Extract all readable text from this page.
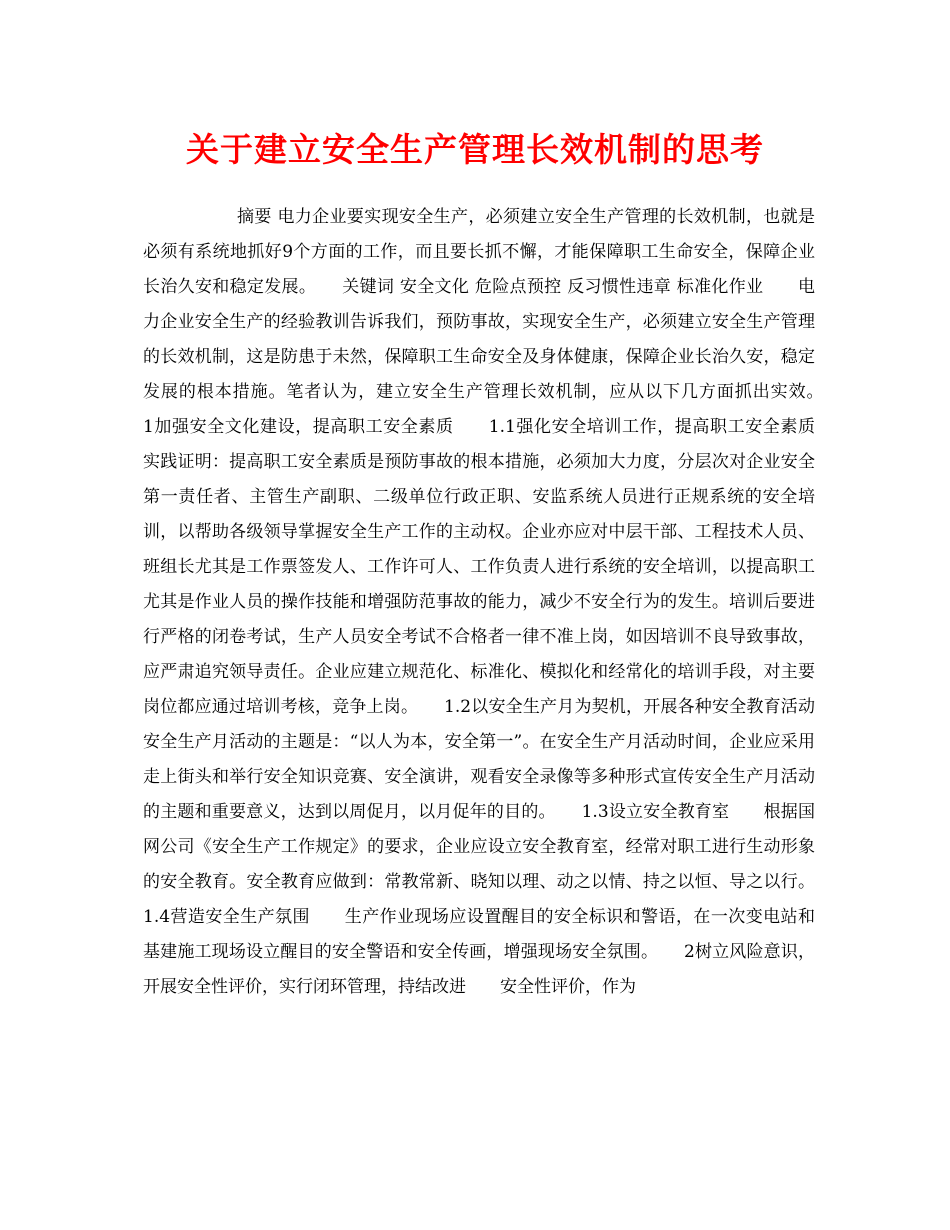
关于建立安全生产管理长效机制的思考

摘要 电力企业要实现安全生产，必须建立安全生产管理的长效机制，也就是必须有系统地抓好9个方面的工作，而且要长抓不懈，才能保障职工生命安全，保障企业长治久安和稳定发展。　　关键词 安全文化 危险点预控 反习惯性违章 标准化作业　　电力企业安全生产的经验教训告诉我们，预防事故，实现安全生产，必须建立安全生产管理的长效机制，这是防患于未然，保障职工生命安全及身体健康，保障企业长治久安，稳定发展的根本措施。笔者认为，建立安全生产管理长效机制，应从以下几方面抓出实效。　　1加强安全文化建设，提高职工安全素质　　1.1强化安全培训工作，提高职工安全素质　　实践证明：提高职工安全素质是预防事故的根本措施，必须加大力度，分层次对企业安全第一责任者、主管生产副职、二级单位行政正职、安监系统人员进行正规系统的安全培训，以帮助各级领导掌握安全生产工作的主动权。企业亦应对中层干部、工程技术人员、班组长尤其是工作票签发人、工作许可人、工作负责人进行系统的安全培训，以提高职工尤其是作业人员的操作技能和增强防范事故的能力，减少不安全行为的发生。培训后要进行严格的闭卷考试，生产人员安全考试不合格者一律不准上岗，如因培训不良导致事故，应严肃追究领导责任。企业应建立规范化、标准化、模拟化和经常化的培训手段，对主要岗位都应通过培训考核，竞争上岗。　　1.2以安全生产月为契机，开展各种安全教育活动　　安全生产月活动的主题是：“以人为本，安全第一”。在安全生产月活动时间，企业应采用走上街头和举行安全知识竞赛、安全演讲，观看安全录像等多种形式宣传安全生产月活动的主题和重要意义，达到以周促月，以月促年的目的。　　1.3设立安全教育室　　根据国网公司《安全生产工作规定》的要求，企业应设立安全教育室，经常对职工进行生动形象的安全教育。安全教育应做到：常教常新、晓知以理、动之以情、持之以恒、导之以行。1.4营造安全生产氛围　　生产作业现场应设置醒目的安全标识和警语，在一次变电站和基建施工现场设立醒目的安全警语和安全传画，增强现场安全氛围。　　2树立风险意识，开展安全性评价，实行闭环管理，持结改进　　安全性评价，作为
